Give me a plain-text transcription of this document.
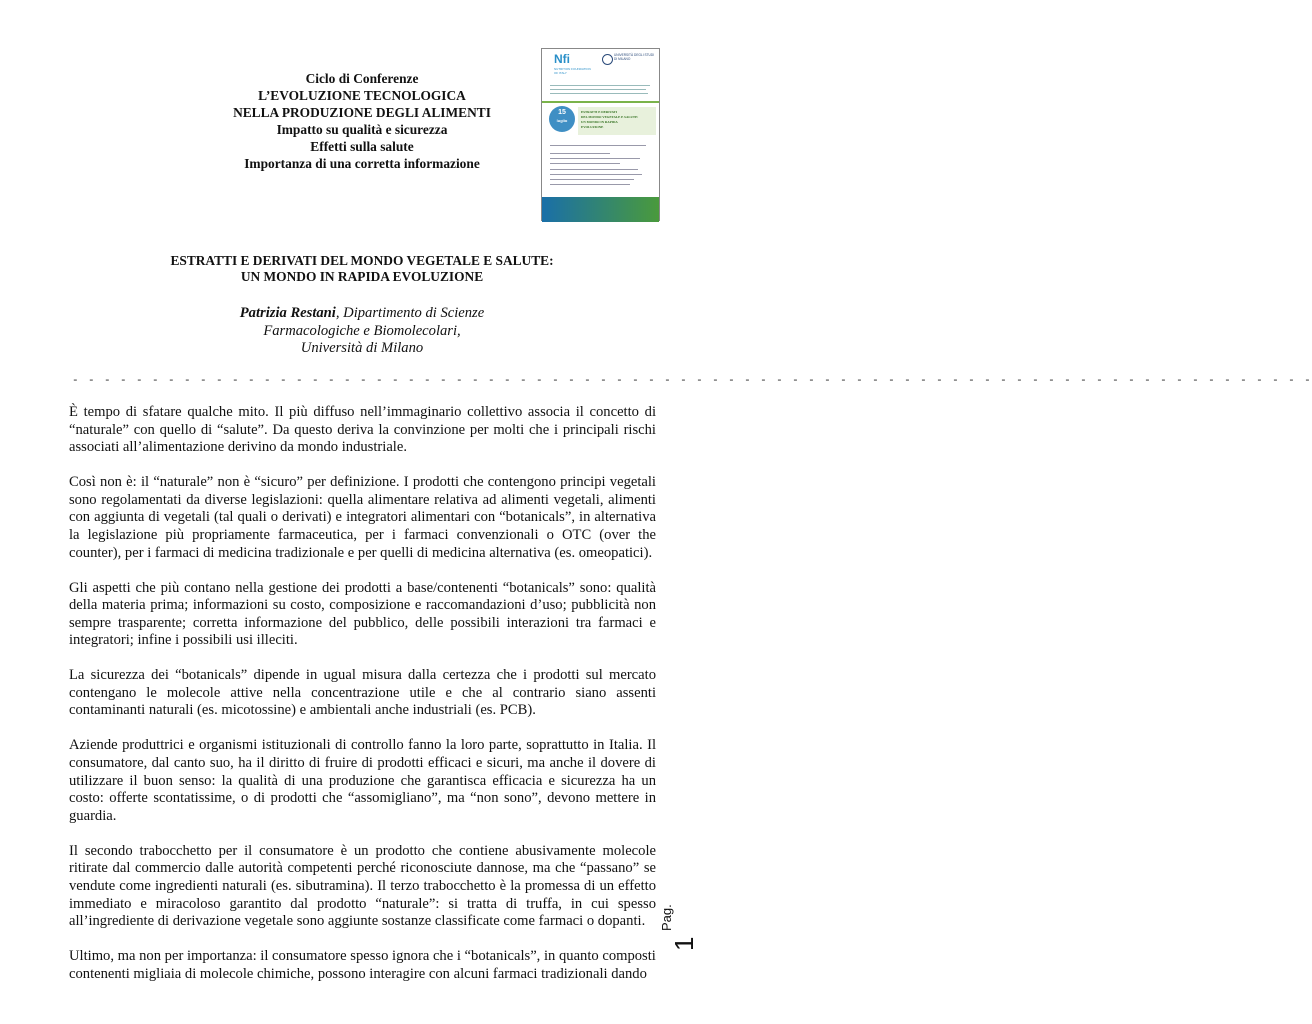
Ciclo di Conferenze
L’EVOLUZIONE TECNOLOGICA
NELLA PRODUZIONE DEGLI ALIMENTI
Impatto su qualità e sicurezza
Effetti sulla salute
Importanza di una corretta informazione
Nfi
NUTRITION FOUNDATION OF ITALY
UNIVERSITÀ DEGLI STUDI DI MILANO
15
luglio
ESTRATTI E DERIVATI
DEL MONDO VEGETALE E SALUTE:
UN MONDO IN RAPIDA
EVOLUZIONE
ESTRATTI E DERIVATI DEL MONDO VEGETALE E SALUTE:
UN MONDO IN RAPIDA EVOLUZIONE
Patrizia Restani, Dipartimento di Scienze
Farmacologiche e Biomolecolari,
Università di Milano
- - - - - - - - - - - - - - - - - - - - - - - - - - - - - - - - - - - - - - - - - - - - - - - - - - - - - - - - - - - - - - - - - - - - - - - - - - - - - -

È tempo di sfatare qualche mito. Il più diffuso nell’immaginario collettivo associa il concetto di “naturale” con quello di “salute”. Da questo deriva la convinzione per molti che i principali rischi associati all’alimentazione derivino da mondo industriale.

Così non è: il “naturale” non è “sicuro” per definizione. I prodotti che contengono principi vegetali sono regolamentati da diverse legislazioni: quella alimentare relativa ad alimenti vegetali, alimenti con aggiunta di vegetali (tal quali o derivati) e integratori alimentari con “botanicals”, in alternativa la legislazione più propriamente farmaceutica, per i farmaci convenzionali o OTC (over the counter), per i farmaci di medicina tradizionale e per quelli di medicina alternativa (es. omeopatici).

Gli aspetti che più contano nella gestione dei prodotti a base/contenenti “botanicals” sono: qualità della materia prima; informazioni su costo, composizione e raccomandazioni d’uso; pubblicità non sempre trasparente; corretta informazione del pubblico, delle possibili interazioni tra farmaci e integratori; infine i possibili usi illeciti.

La sicurezza dei “botanicals” dipende in ugual misura dalla certezza che i prodotti sul mercato contengano le molecole attive nella concentrazione utile e che al contrario siano assenti contaminanti naturali (es. micotossine) e ambientali anche industriali (es. PCB).

Aziende produttrici e organismi istituzionali di controllo fanno la loro parte, soprattutto in Italia. Il consumatore, dal canto suo, ha il diritto di fruire di prodotti efficaci e sicuri, ma anche il dovere di utilizzare il buon senso: la qualità di una produzione che garantisca efficacia e sicurezza ha un costo: offerte scontatissime, o di prodotti che “assomigliano”, ma “non sono”, devono mettere in guardia.

Il secondo trabocchetto per il consumatore è un prodotto che contiene abusivamente molecole ritirate dal commercio dalle autorità competenti perché riconosciute dannose, ma che “passano” se vendute come ingredienti naturali (es. sibutramina). Il terzo trabocchetto è la promessa di un effetto immediato e miracoloso garantito dal prodotto “naturale”: si tratta di truffa, in cui spesso all’ingrediente di derivazione vegetale sono aggiunte sostanze classificate come farmaci o dopanti.

Ultimo, ma non per importanza: il consumatore spesso ignora che i “botanicals”, in quanto composti contenenti migliaia di molecole chimiche, possono interagire con alcuni farmaci tradizionali dando

Pag.
1
